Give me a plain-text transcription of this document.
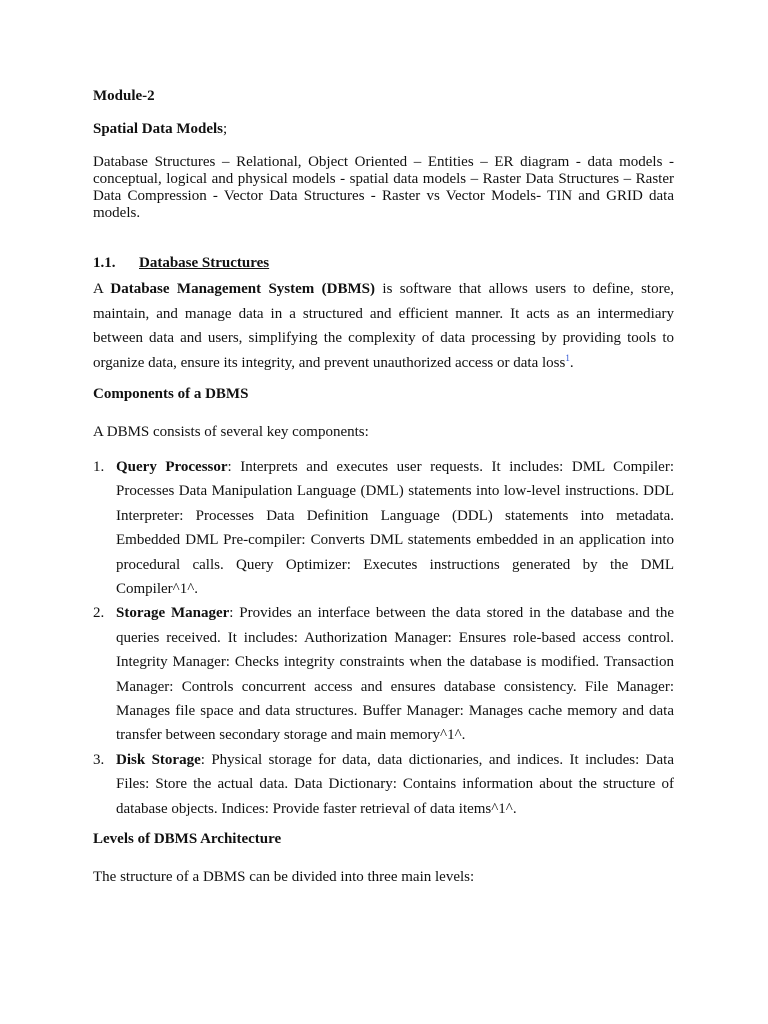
Module-2
Spatial Data Models;
Database Structures – Relational, Object Oriented – Entities – ER diagram - data models - conceptual, logical and physical models - spatial data models – Raster Data Structures – Raster Data Compression - Vector Data Structures - Raster vs Vector Models- TIN and GRID data models.
1.1. Database Structures
A Database Management System (DBMS) is software that allows users to define, store, maintain, and manage data in a structured and efficient manner. It acts as an intermediary between data and users, simplifying the complexity of data processing by providing tools to organize data, ensure its integrity, and prevent unauthorized access or data loss$^1$.
Components of a DBMS
A DBMS consists of several key components:
1. Query Processor: Interprets and executes user requests. It includes: DML Compiler: Processes Data Manipulation Language (DML) statements into low-level instructions. DDL Interpreter: Processes Data Definition Language (DDL) statements into metadata. Embedded DML Pre-compiler: Converts DML statements embedded in an application into procedural calls. Query Optimizer: Executes instructions generated by the DML Compiler^1^.
2. Storage Manager: Provides an interface between the data stored in the database and the queries received. It includes: Authorization Manager: Ensures role-based access control. Integrity Manager: Checks integrity constraints when the database is modified. Transaction Manager: Controls concurrent access and ensures database consistency. File Manager: Manages file space and data structures. Buffer Manager: Manages cache memory and data transfer between secondary storage and main memory^1^.
3. Disk Storage: Physical storage for data, data dictionaries, and indices. It includes: Data Files: Store the actual data. Data Dictionary: Contains information about the structure of database objects. Indices: Provide faster retrieval of data items^1^.
Levels of DBMS Architecture
The structure of a DBMS can be divided into three main levels:
